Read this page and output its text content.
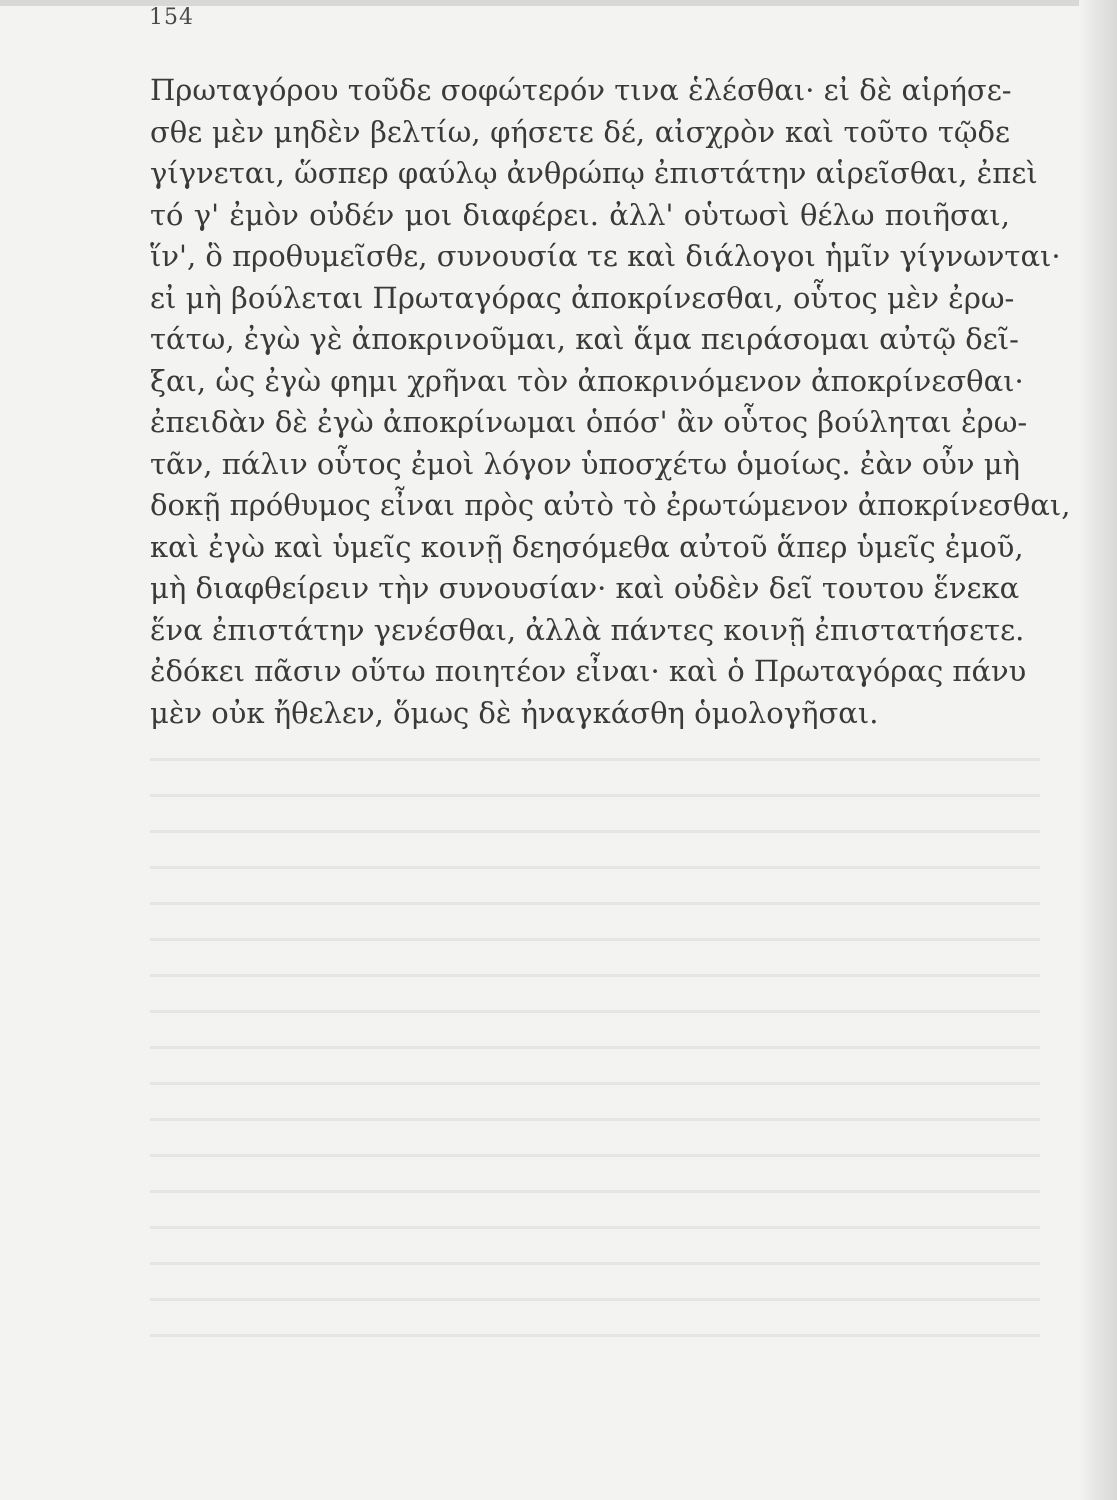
154
Πρωταγόρου τοῦδε σοφώτερόν τινα ἑλέσθαι· εἰ δὲ αἱρήσε-
σθε μὲν μηδὲν βελτίω, φήσετε δέ, αἰσχρὸν καὶ τοῦτο τῷδε
γίγνεται, ὥσπερ φαύλῳ ἀνθρώπῳ ἐπιστάτην αἱρεῖσθαι, ἐπεὶ
τό γ' ἐμὸν οὐδέν μοι διαφέρει. ἀλλ' οὑτωσὶ θέλω ποιῆσαι,
ἵν', ὃ προθυμεῖσθε, συνουσία τε καὶ διάλογοι ἡμῖν γίγνωνται·
εἰ μὴ βούλεται Πρωταγόρας ἀποκρίνεσθαι, οὗτος μὲν ἐρω-
τάτω, ἐγὼ γὲ ἀποκρινοῦμαι, καὶ ἅμα πειράσομαι αὐτῷ δεῖ-
ξαι, ὡς ἐγὼ φημι χρῆναι τὸν ἀποκρινόμενον ἀποκρίνεσθαι·
ἐπειδὰν δὲ ἐγὼ ἀποκρίνωμαι ὁπόσ' ἂν οὗτος βούληται ἐρω-
τᾶν, πάλιν οὗτος ἐμοὶ λόγον ὑποσχέτω ὁμοίως. ἐὰν οὖν μὴ
δοκῇ πρόθυμος εἶναι πρὸς αὐτὸ τὸ ἐρωτώμενον ἀποκρίνεσθαι,
καὶ ἐγὼ καὶ ὑμεῖς κοινῇ δεησόμεθα αὐτοῦ ἅπερ ὑμεῖς ἐμοῦ,
μὴ διαφθείρειν τὴν συνουσίαν· καὶ οὐδὲν δεῖ τουτου ἕνεκα
ἕνα ἐπιστάτην γενέσθαι, ἀλλὰ πάντες κοινῇ ἐπιστατήσετε.
ἐδόκει πᾶσιν οὕτω ποιητέον εἶναι· καὶ ὁ Πρωταγόρας πάνυ
μὲν οὐκ ἤθελεν, ὅμως δὲ ἠναγκάσθη ὁμολογῆσαι.
